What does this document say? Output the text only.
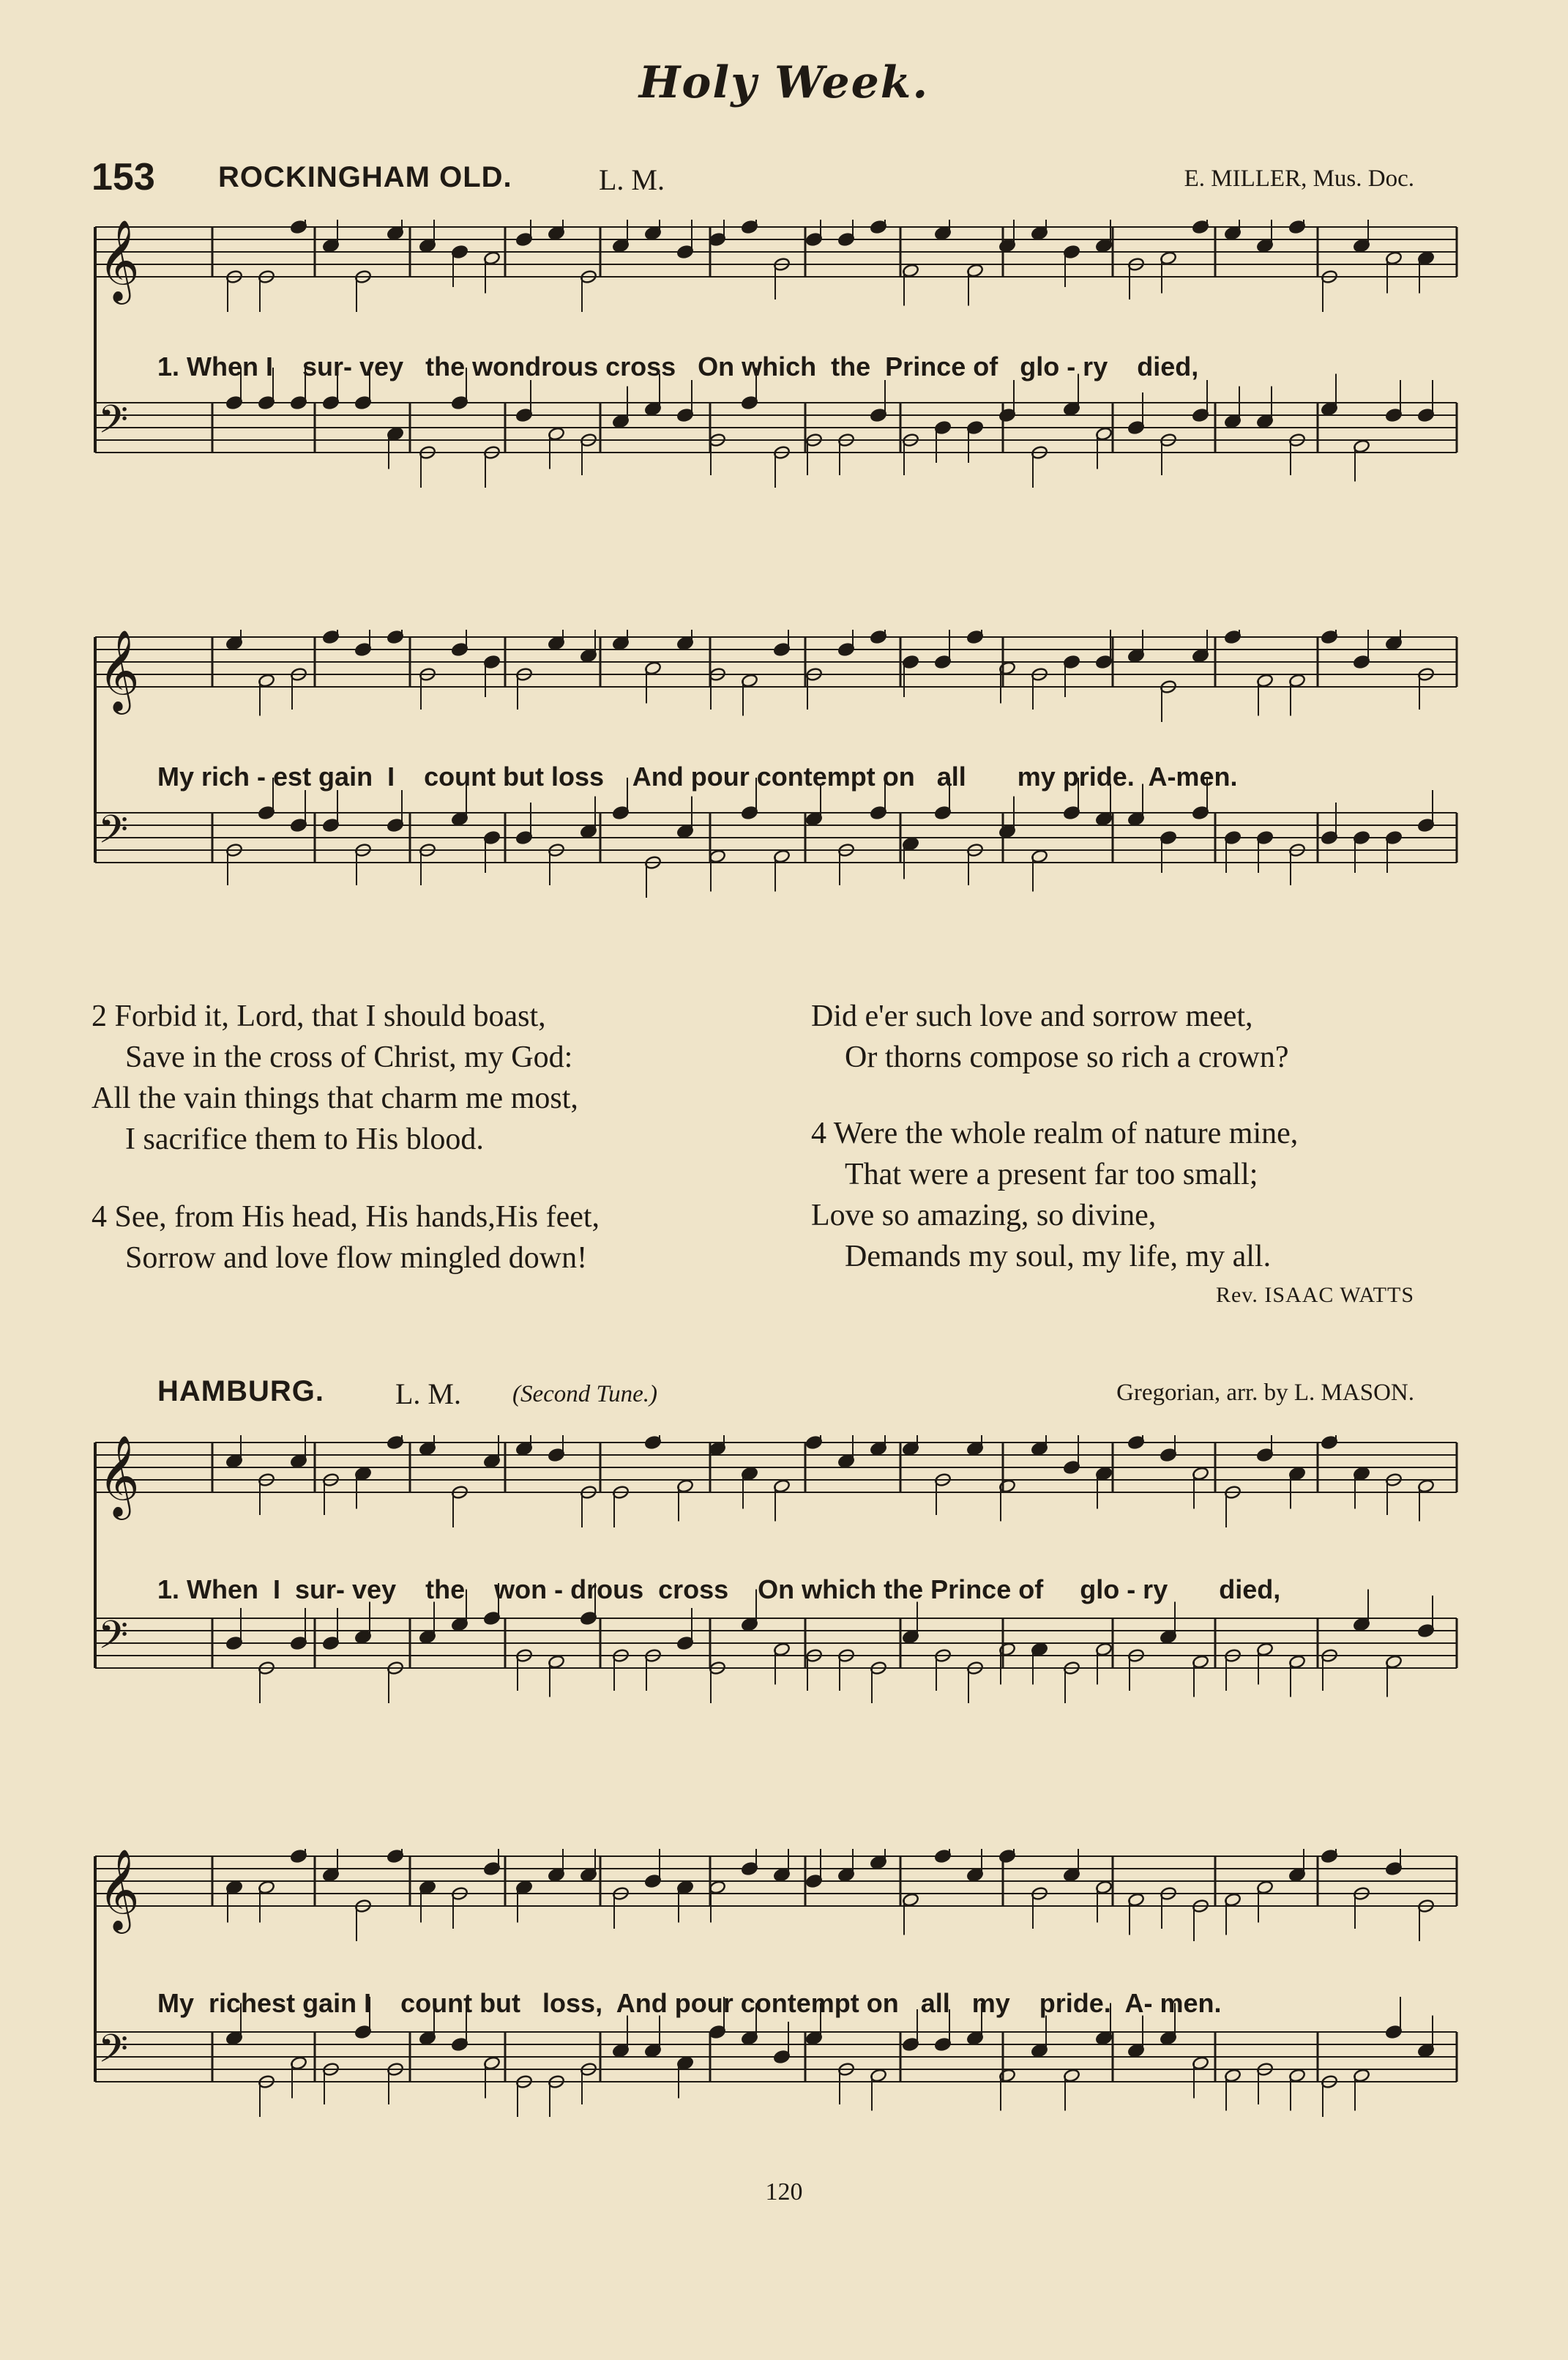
Holy Week.
153 ROCKINGHAM OLD.	L. M.	E. MILLER, Mus. Doc.
𝄞
𝄢
1. When I    sur- vey   the wondrous cross   On which  the  Prince of   glo - ry    died,
𝄞
𝄢
My rich - est gain  I    count but loss    And pour contempt on   all       my pride.  A-men.
2 Forbid it, Lord, that I should boast,
Save in the cross of Christ, my God:
All the vain things that charm me most,
I sacrifice them to His blood.
4 See, from His head, His hands,His feet,
Sorrow and love flow mingled down!
Did e'er such love and sorrow meet,
Or thorns compose so rich a crown?
4 Were the whole realm of nature mine,
That were a present far too small;
Love so amazing, so divine,
Demands my soul, my life, my all.
Rev. ISAAC WATTS
HAMBURG. L. M. (Second Tune.)	Gregorian, arr. by L. MASON.
𝄞
𝄢
1. When  I  sur- vey    the    won - drous  cross    On which the Prince of     glo - ry       died,
𝄞
𝄢
My  richest gain I    count but   loss,  And pour contempt on   all   my    pride.  A- men.
120
